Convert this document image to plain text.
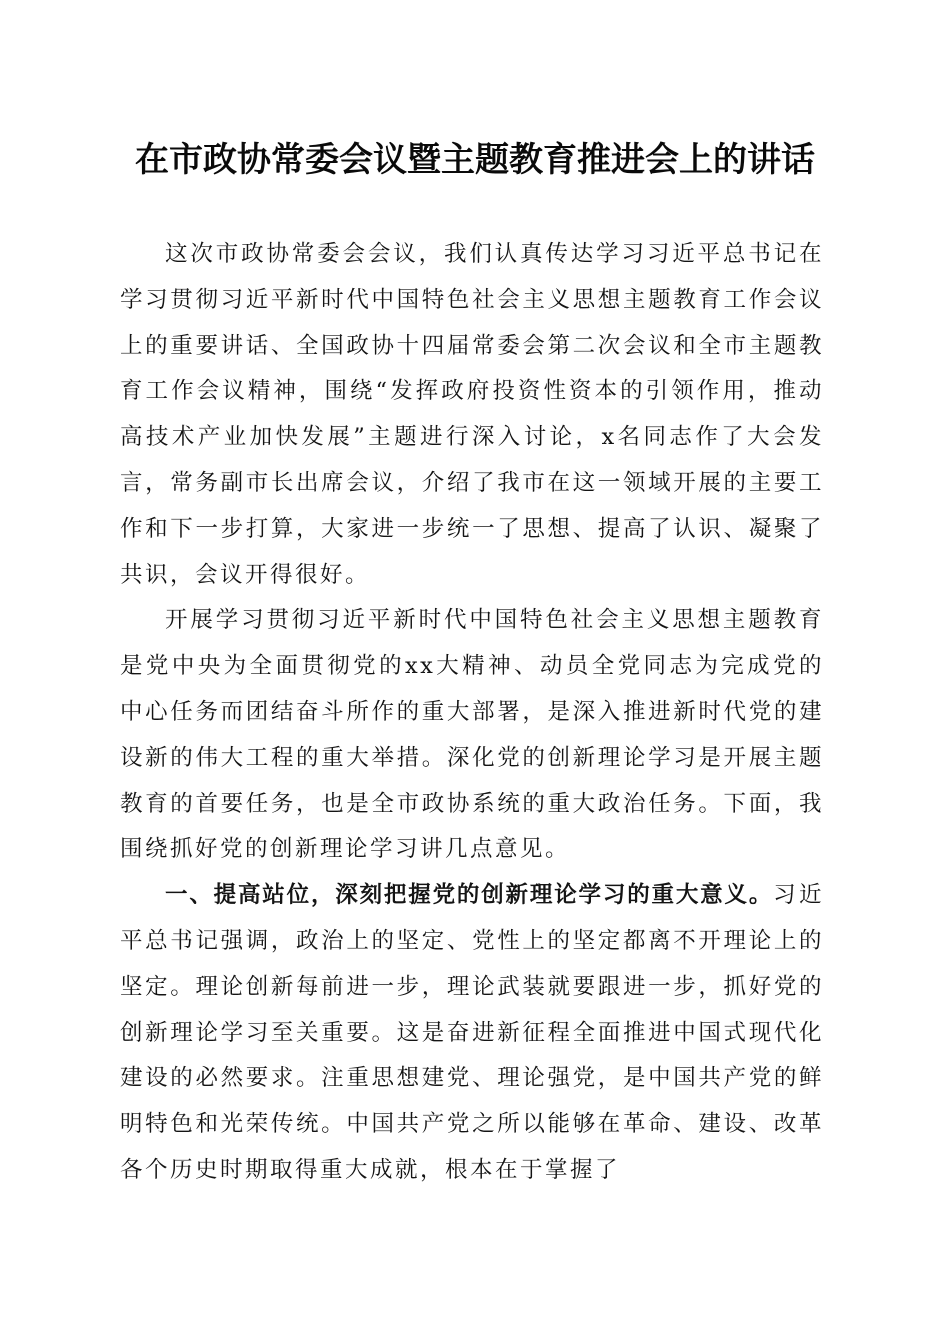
在市政协常委会议暨主题教育推进会上的讲话

这次市政协常委会会议，我们认真传达学习习近平总书记在学习贯彻习近平新时代中国特色社会主义思想主题教育工作会议上的重要讲话、全国政协十四届常委会第二次会议和全市主题教育工作会议精神，围绕“发挥政府投资性资本的引领作用，推动高技术产业加快发展”主题进行深入讨论，x名同志作了大会发言，常务副市长出席会议，介绍了我市在这一领域开展的主要工作和下一步打算，大家进一步统一了思想、提高了认识、凝聚了共识，会议开得很好。

开展学习贯彻习近平新时代中国特色社会主义思想主题教育是党中央为全面贯彻党的xx大精神、动员全党同志为完成党的中心任务而团结奋斗所作的重大部署，是深入推进新时代党的建设新的伟大工程的重大举措。深化党的创新理论学习是开展主题教育的首要任务，也是全市政协系统的重大政治任务。下面，我围绕抓好党的创新理论学习讲几点意见。

一、提高站位，深刻把握党的创新理论学习的重大意义。习近平总书记强调，政治上的坚定、党性上的坚定都离不开理论上的坚定。理论创新每前进一步，理论武装就要跟进一步，抓好党的创新理论学习至关重要。这是奋进新征程全面推进中国式现代化建设的必然要求。注重思想建党、理论强党，是中国共产党的鲜明特色和光荣传统。中国共产党之所以能够在革命、建设、改革各个历史时期取得重大成就，根本在于掌握了
